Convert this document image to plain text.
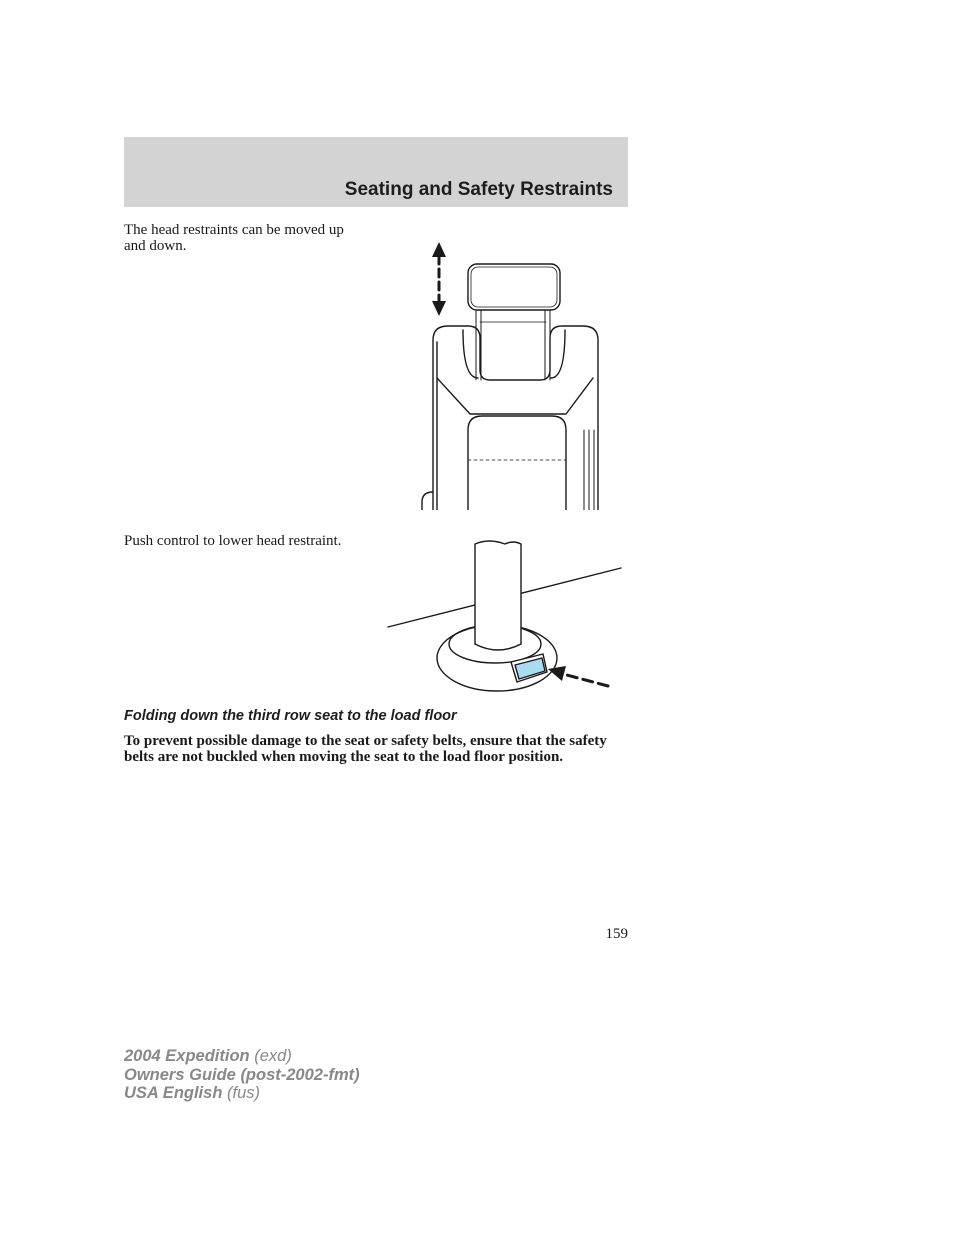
Seating and Safety Restraints

The head restraints can be moved up and down.

Push control to lower head restraint.

Folding down the third row seat to the load floor

To prevent possible damage to the seat or safety belts, ensure that the safety belts are not buckled when moving the seat to the load floor position.

159
2004 Expedition (exd)
Owners Guide (post-2002-fmt)
USA English (fus)
